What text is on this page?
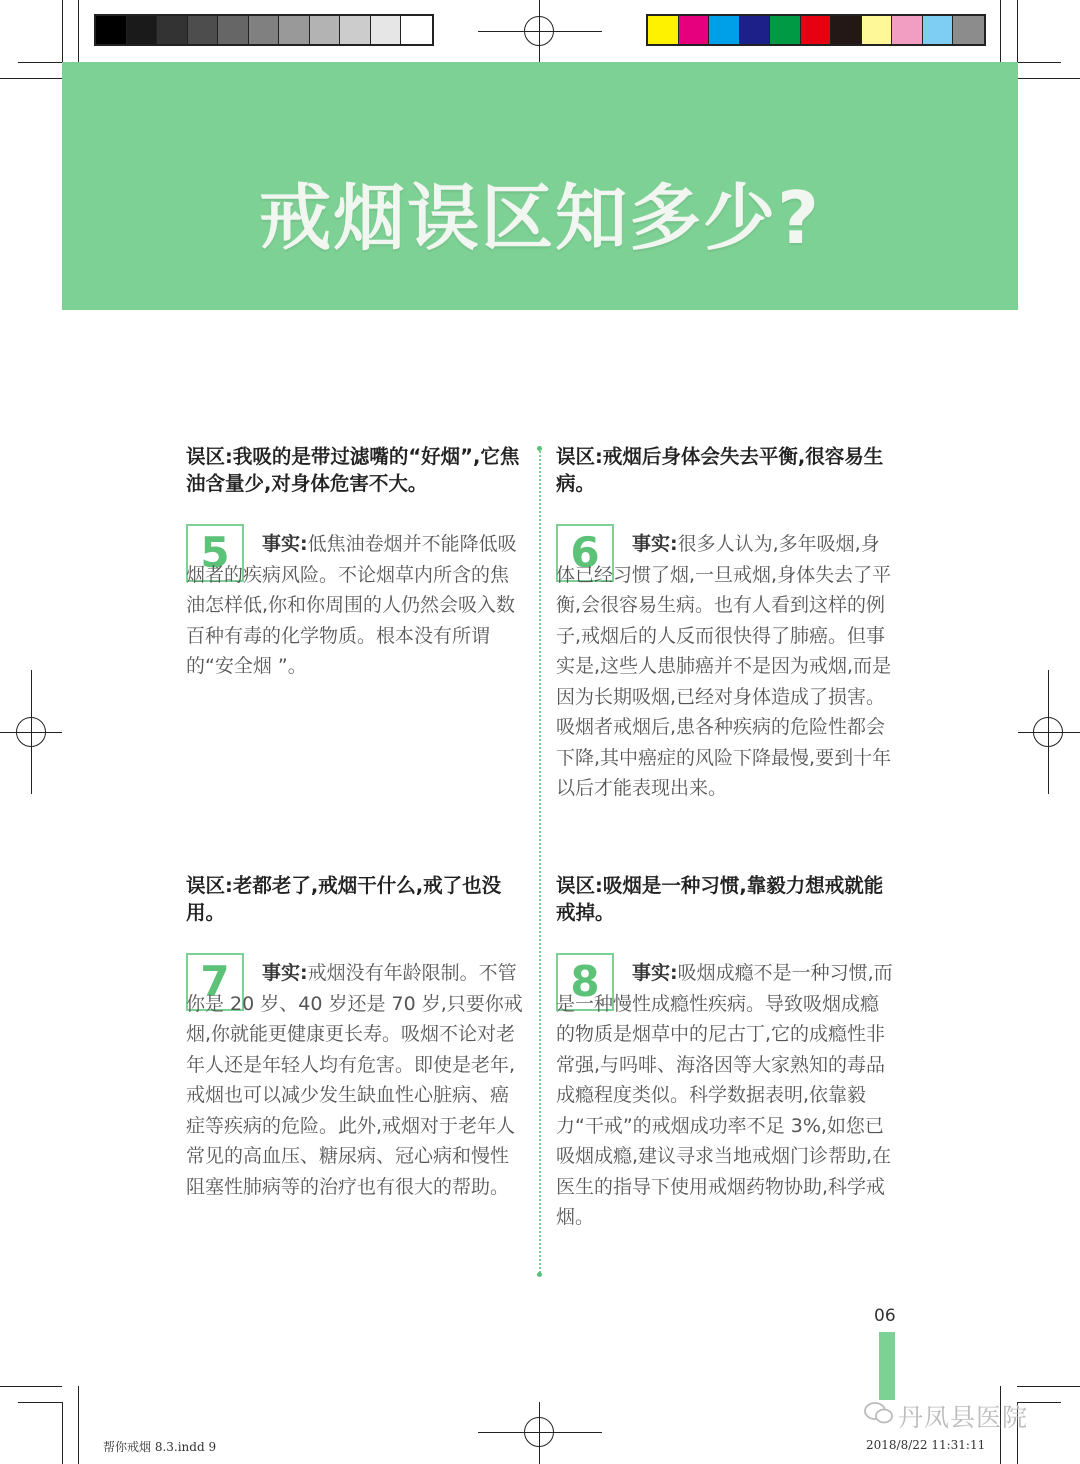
戒烟误区知多少?
误区:我吸的是带过滤嘴的“好烟”,它焦油含量少,对身体危害不大。
5	事实:低焦油卷烟并不能降低吸烟者的疾病风险。不论烟草内所含的焦油怎样低,你和你周围的人仍然会吸入数百种有毒的化学物质。根本没有所谓的“安全烟 ”。
误区:戒烟后身体会失去平衡,很容易生病。
6	事实:很多人认为,多年吸烟,身体已经习惯了烟,一旦戒烟,身体失去了平衡,会很容易生病。也有人看到这样的例子,戒烟后的人反而很快得了肺癌。但事实是,这些人患肺癌并不是因为戒烟,而是因为长期吸烟,已经对身体造成了损害。吸烟者戒烟后,患各种疾病的危险性都会下降,其中癌症的风险下降最慢,要到十年以后才能表现出来。
误区:老都老了,戒烟干什么,戒了也没用。
7	事实:戒烟没有年龄限制。不管你是 20 岁、40 岁还是 70 岁,只要你戒烟,你就能更健康更长寿。吸烟不论对老年人还是年轻人均有危害。即使是老年,戒烟也可以减少发生缺血性心脏病、癌症等疾病的危险。此外,戒烟对于老年人常见的高血压、糖尿病、冠心病和慢性阻塞性肺病等的治疗也有很大的帮助。
误区:吸烟是一种习惯,靠毅力想戒就能戒掉。
8	事实:吸烟成瘾不是一种习惯,而是一种慢性成瘾性疾病。导致吸烟成瘾的物质是烟草中的尼古丁,它的成瘾性非常强,与吗啡、海洛因等大家熟知的毒品成瘾程度类似。科学数据表明,依靠毅力“干戒”的戒烟成功率不足 3%,如您已吸烟成瘾,建议寻求当地戒烟门诊帮助,在医生的指导下使用戒烟药物协助,科学戒烟。
06
丹凤县医院
帮你戒烟 8.3.indd 9	2018/8/22 11:31:11
